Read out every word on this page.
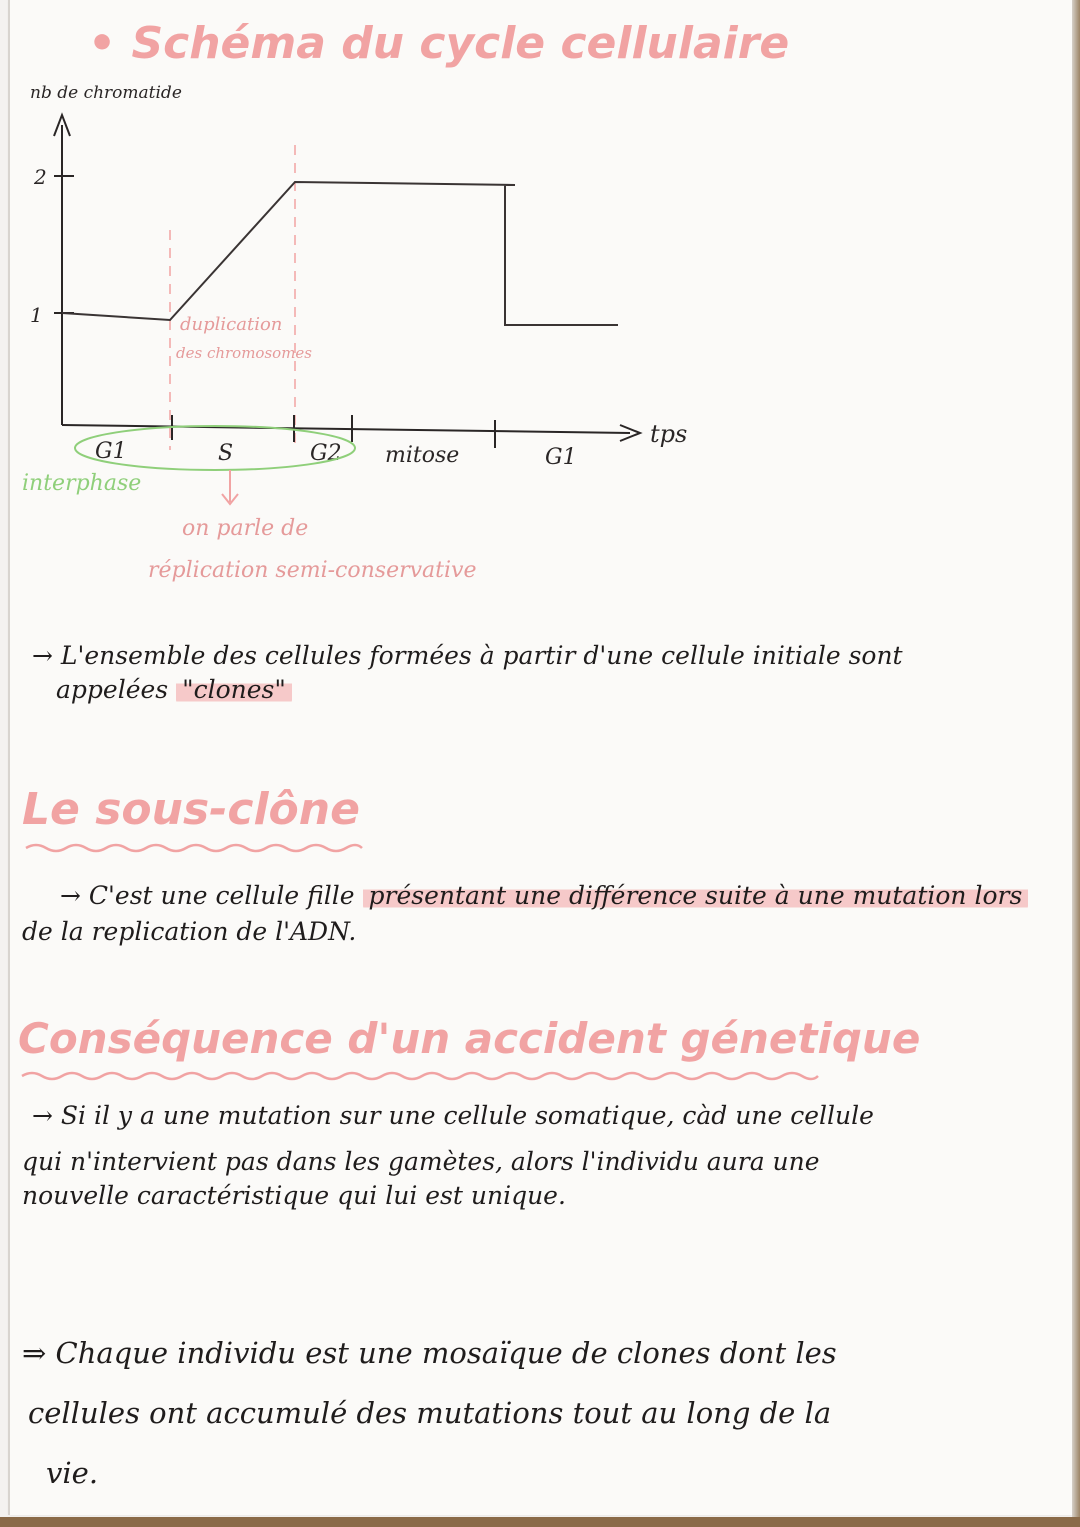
• Schéma du cycle cellulaire
nb de chromatide
tps
2
1	duplication
des chromosomes
G1	S	G2 mitose	G1
interphase
on parle de
réplication semi-conservative
→ L'ensemble des cellules formées à partir d'une cellule initiale sont
appelées "clones"
Le sous-clône
→ C'est une cellule fille présentant une différence suite à une mutation lors
de la replication de l'ADN.
Conséquence d'un accident génetique
→ Si il y a une mutation sur une cellule somatique, càd une cellule
qui n'intervient pas dans les gamètes, alors l'individu aura une
nouvelle caractéristique qui lui est unique.
⇒ Chaque individu est une mosaïque de clones dont les
cellules ont accumulé des mutations tout au long de la
vie.
